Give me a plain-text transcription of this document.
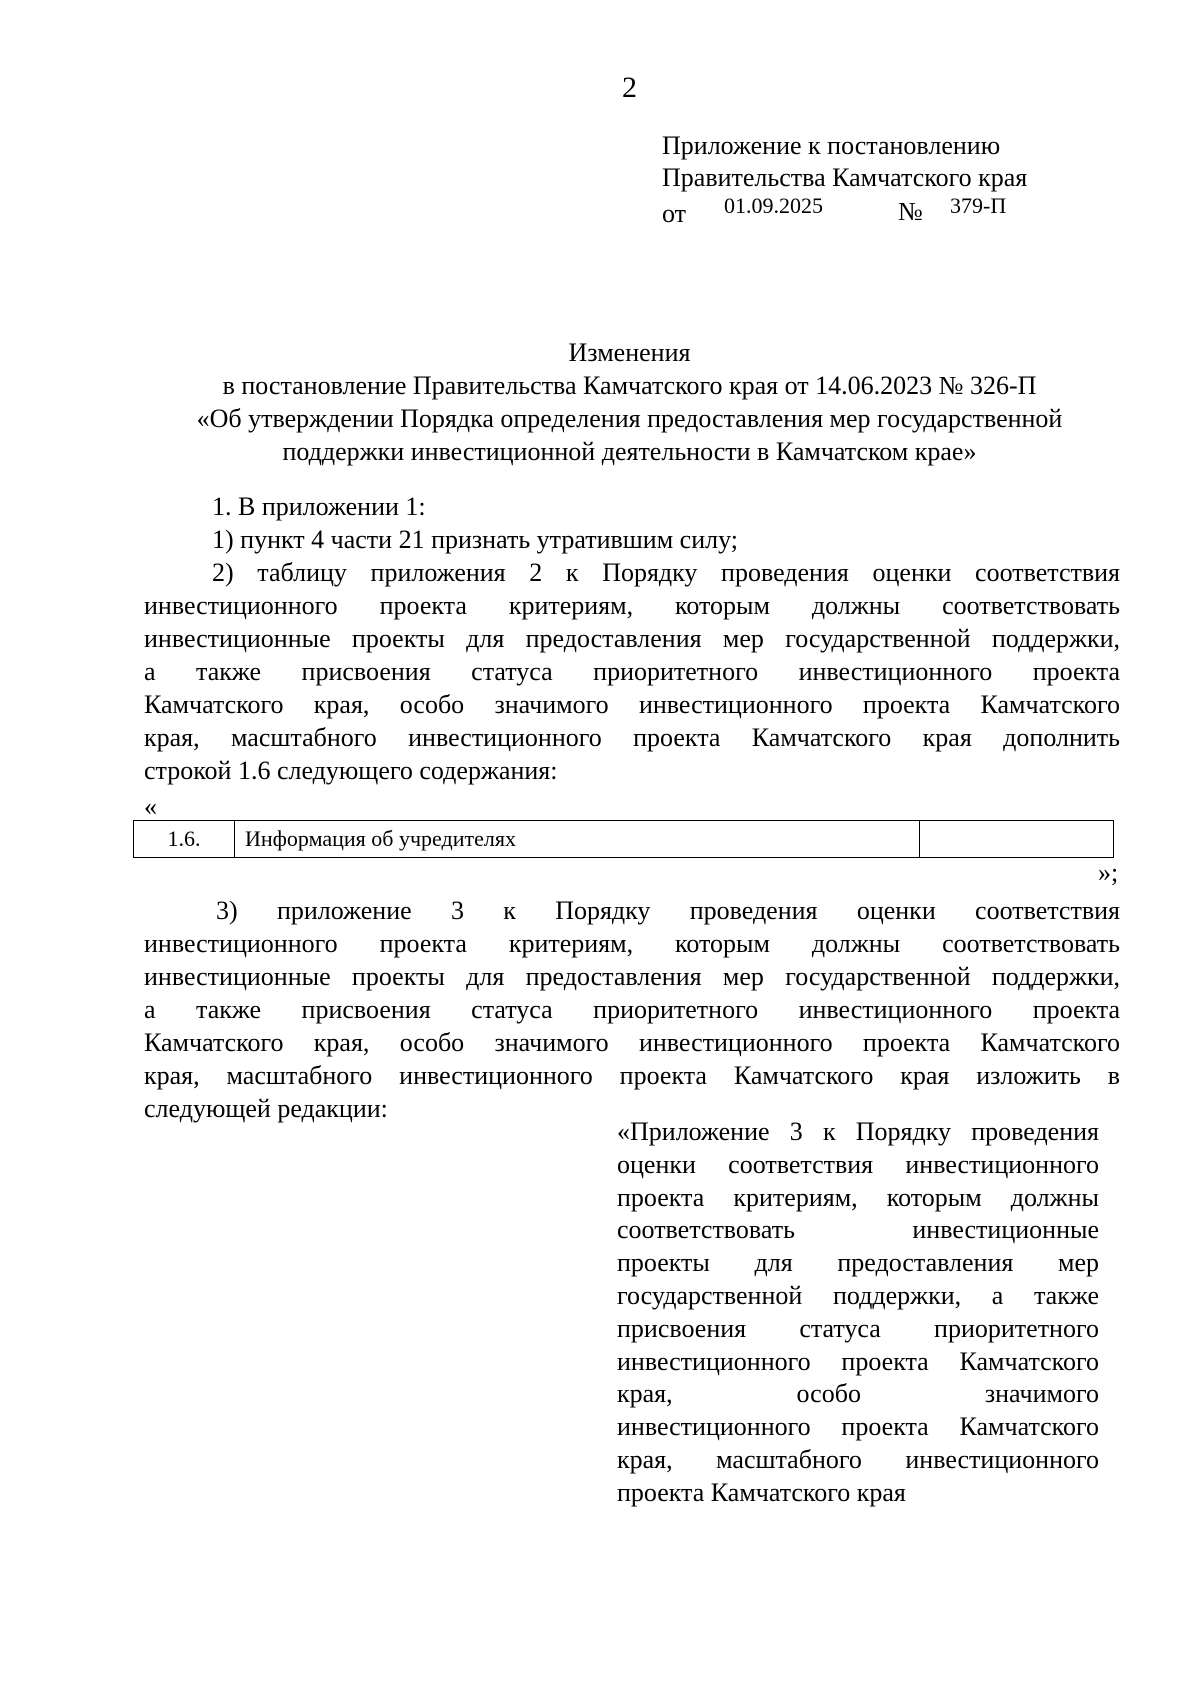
2
Приложение к постановлению
Правительства Камчатского края
от 01.09.2025	№ 379-П
Изменения
в постановление Правительства Камчатского края от 14.06.2023 № 326-П
«Об утверждении Порядка определения предоставления мер государственной
поддержки инвестиционной деятельности в Камчатском крае»
1. В приложении 1:
1) пункт 4 части 21 признать утратившим силу;
2) таблицу приложения 2 к Порядку проведения оценки соответствия
инвестиционного проекта критериям, которым должны соответствовать
инвестиционные проекты для предоставления мер государственной поддержки,
а также присвоения статуса приоритетного инвестиционного проекта
Камчатского края, особо значимого инвестиционного проекта Камчатского
края, масштабного инвестиционного проекта Камчатского края дополнить
строкой 1.6 следующего содержания:
«
1.6.	Информация об учредителях	
»;
3) приложение 3 к Порядку проведения оценки соответствия
инвестиционного проекта критериям, которым должны соответствовать
инвестиционные проекты для предоставления мер государственной поддержки,
а также присвоения статуса приоритетного инвестиционного проекта
Камчатского края, особо значимого инвестиционного проекта Камчатского
края, масштабного инвестиционного проекта Камчатского края изложить в
следующей редакции:
«Приложение 3 к Порядку проведения
оценки соответствия инвестиционного
проекта критериям, которым должны
соответствовать инвестиционные
проекты для предоставления мер
государственной поддержки, а также
присвоения статуса приоритетного
инвестиционного проекта Камчатского
края, особо значимого
инвестиционного проекта Камчатского
края, масштабного инвестиционного
проекта Камчатского края
